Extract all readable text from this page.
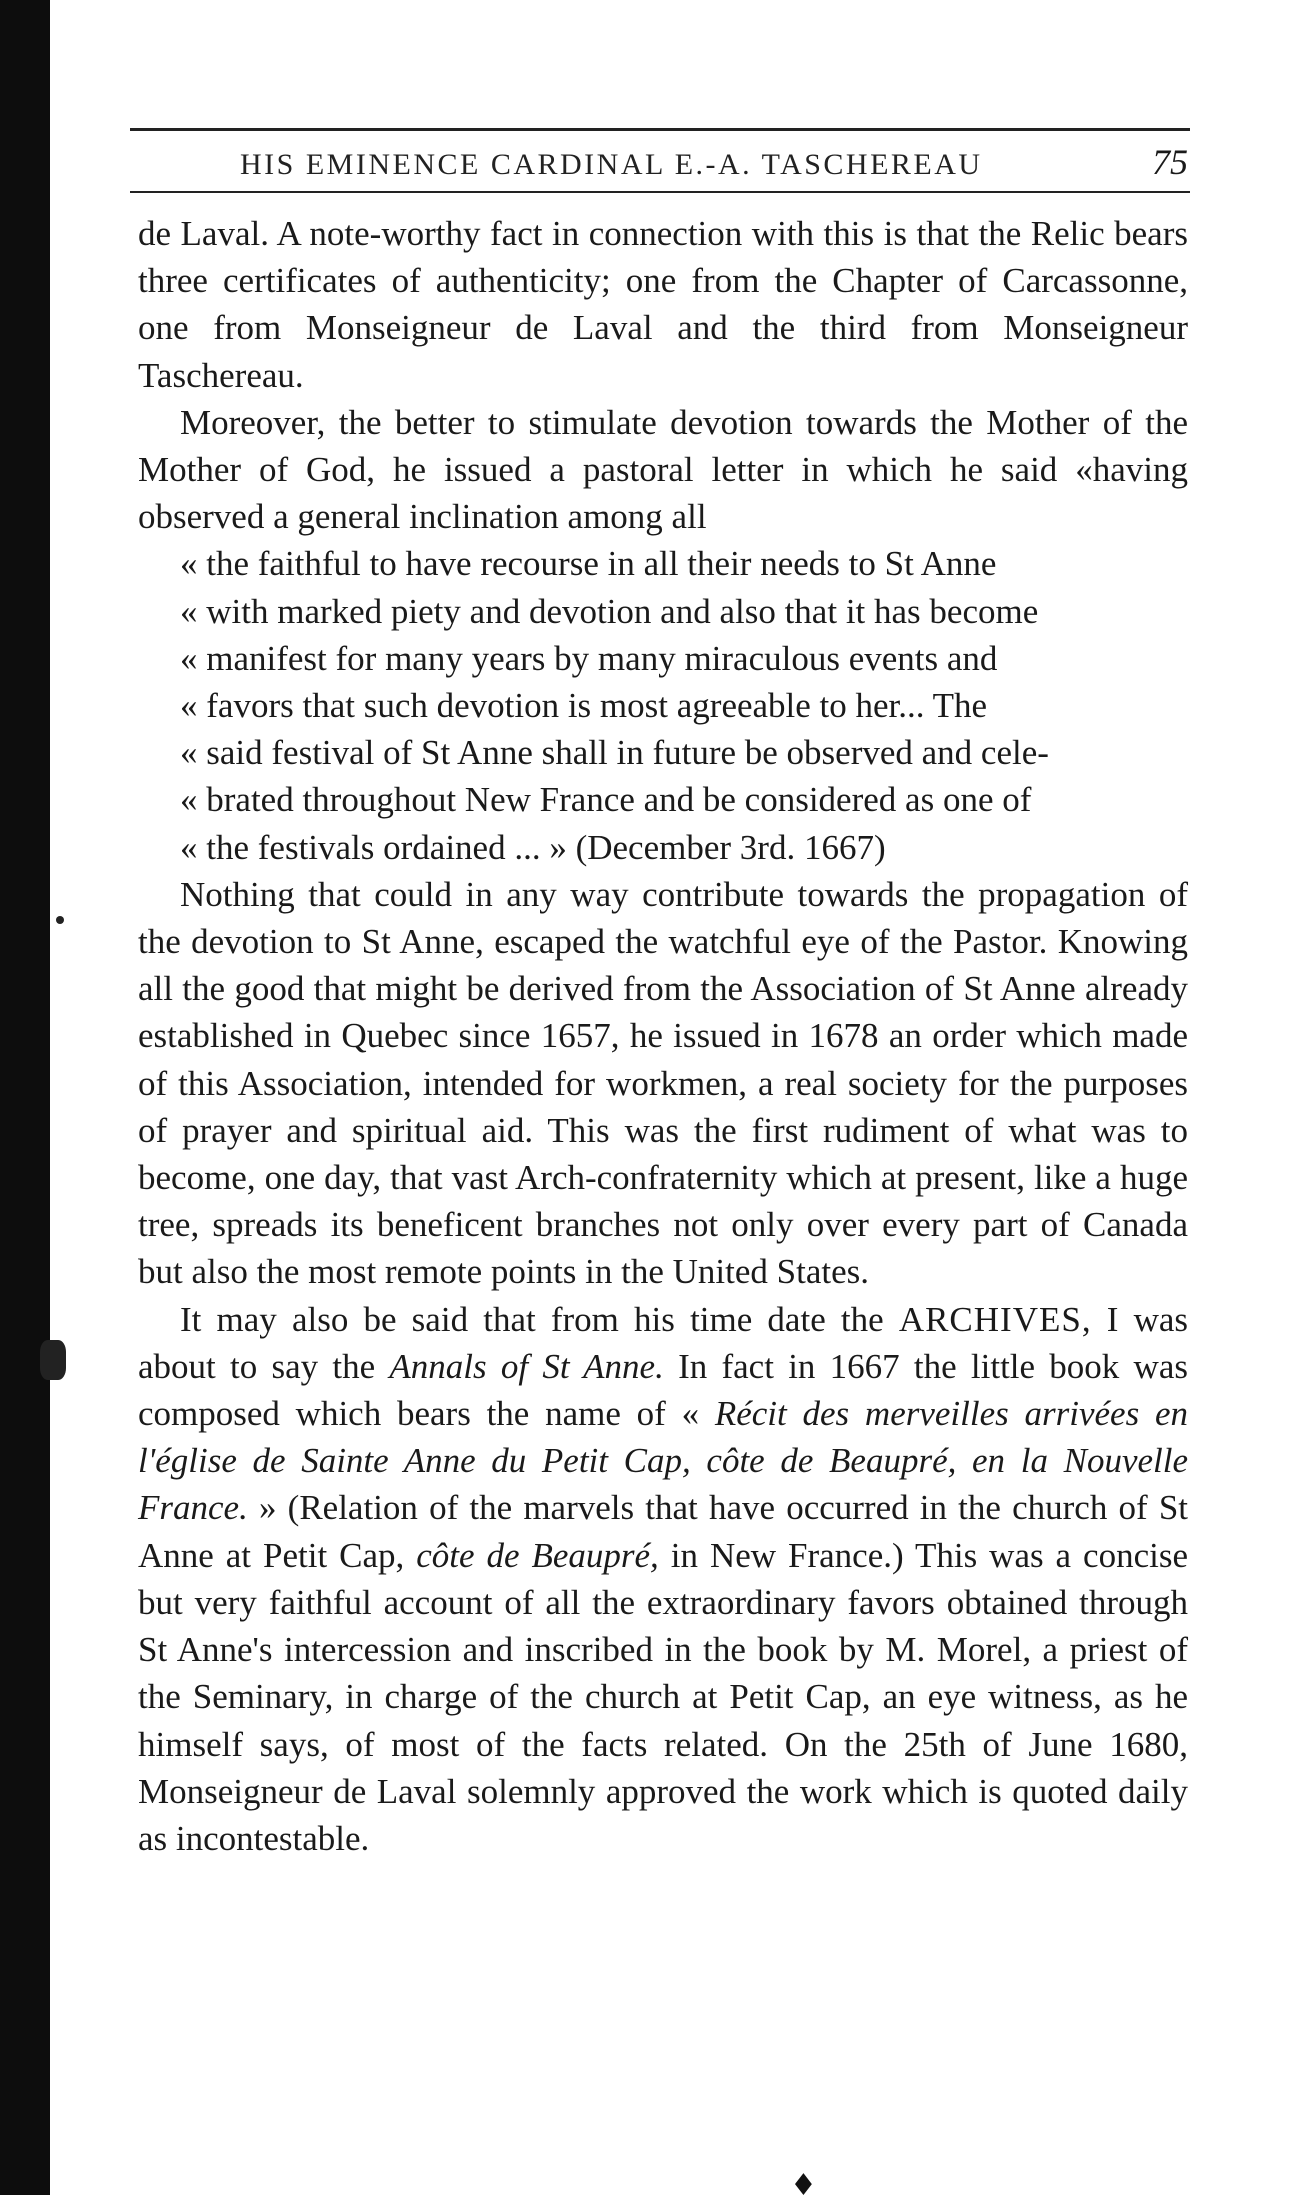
HIS EMINENCE CARDINAL E.-A. TASCHEREAU	75

de Laval. A note-worthy fact in connection with this is that the Relic bears three certificates of authenticity; one from the Chapter of Carcassonne, one from Monseigneur de Laval and the third from Monseigneur Taschereau.

Moreover, the better to stimulate devotion towards the Mother of the Mother of God, he issued a pastoral letter in which he said «having observed a general inclination among all
« the faithful to have recourse in all their needs to St Anne
« with marked piety and devotion and also that it has become
« manifest for many years by many miraculous events and
« favors that such devotion is most agreeable to her... The
« said festival of St Anne shall in future be observed and cele-
« brated throughout New France and be considered as one of
« the festivals ordained ... » (December 3rd. 1667)

Nothing that could in any way contribute towards the propagation of the devotion to St Anne, escaped the watchful eye of the Pastor. Knowing all the good that might be derived from the Association of St Anne already established in Quebec since 1657, he issued in 1678 an order which made of this Association, intended for workmen, a real society for the purposes of prayer and spiritual aid. This was the first rudiment of what was to become, one day, that vast Arch-confraternity which at present, like a huge tree, spreads its beneficent branches not only over every part of Canada but also the most remote points in the United States.

It may also be said that from his time date the ARCHIVES, I was about to say the Annals of St Anne. In fact in 1667 the little book was composed which bears the name of « Récit des merveilles arrivées en l'église de Sainte Anne du Petit Cap, côte de Beaupré, en la Nouvelle France. » (Relation of the marvels that have occurred in the church of St Anne at Petit Cap, côte de Beaupré, in New France.) This was a concise but very faithful account of all the extraordinary favors obtained through St Anne's intercession and inscribed in the book by M. Morel, a priest of the Seminary, in charge of the church at Petit Cap, an eye witness, as he himself says, of most of the facts related. On the 25th of June 1680, Monseigneur de Laval solemnly approved the work which is quoted daily as incontestable.

♦
